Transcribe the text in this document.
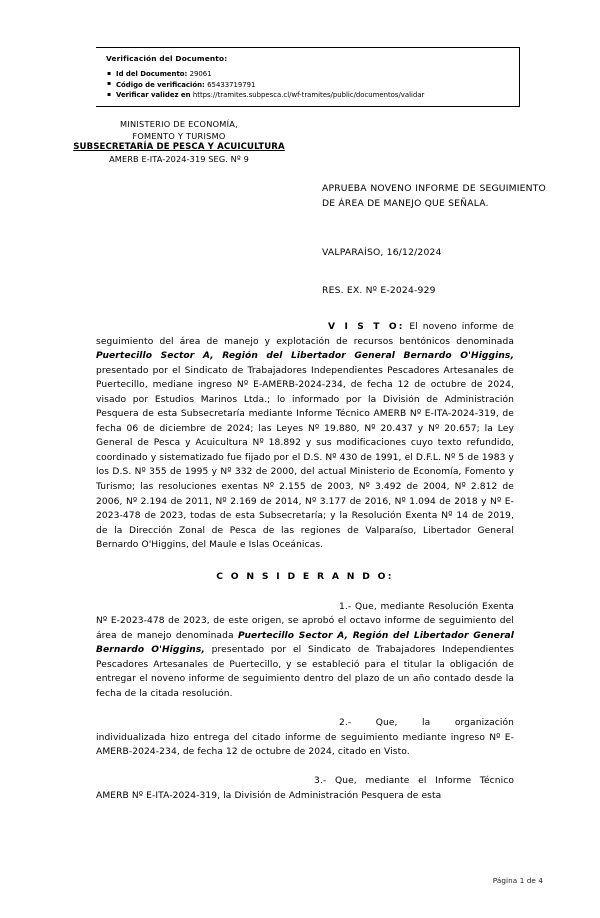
Verificación del Documento:
▪ Id del Documento: 29061
▪ Código de verificación: 65433719791
▪ Verificar validez en https://tramites.subpesca.cl/wf-tramites/public/documentos/validar
MINISTERIO DE ECONOMÍA,
FOMENTO Y TURISMO
SUBSECRETARÍA DE PESCA Y ACUICULTURA
AMERB E-ITA-2024-319 SEG. Nº 9
APRUEBA NOVENO INFORME DE SEGUIMIENTO DE ÁREA DE MANEJO QUE SEÑALA.
VALPARAÍSO, 16/12/2024
RES. EX. Nº E-2024-929

V I S T O: El noveno informe de seguimiento del área de manejo y explotación de recursos bentónicos denominada Puertecillo Sector A, Región del Libertador General Bernardo O'Higgins, presentado por el Sindicato de Trabajadores Independientes Pescadores Artesanales de Puertecillo, mediane ingreso Nº E-AMERB-2024-234, de fecha 12 de octubre de 2024, visado por Estudios Marinos Ltda.; lo informado por la División de Administración Pesquera de esta Subsecretaría mediante Informe Técnico AMERB Nº E-ITA-2024-319, de fecha 06 de diciembre de 2024; las Leyes Nº 19.880, Nº 20.437 y Nº 20.657; la Ley General de Pesca y Acuicultura Nº 18.892 y sus modificaciones cuyo texto refundido, coordinado y sistematizado fue fijado por el D.S. Nº 430 de 1991, el D.F.L. Nº 5 de 1983 y los D.S. Nº 355 de 1995 y Nº 332 de 2000, del actual Ministerio de Economía, Fomento y Turismo; las resoluciones exentas Nº 2.155 de 2003, Nº 3.492 de 2004, Nº 2.812 de 2006, Nº 2.194 de 2011, Nº 2.169 de 2014, Nº 3.177 de 2016, Nº 1.094 de 2018 y Nº E-2023-478 de 2023, todas de esta Subsecretaría; y la Resolución Exenta Nº 14 de 2019, de la Dirección Zonal de Pesca de las regiones de Valparaíso, Libertador General Bernardo O'Higgins, del Maule e Islas Oceánicas.

C O N S I D E R A N D O:

1.- Que, mediante Resolución Exenta Nº E-2023-478 de 2023, de este origen, se aprobó el octavo informe de seguimiento del área de manejo denominada Puertecillo Sector A, Región del Libertador General Bernardo O'Higgins, presentado por el Sindicato de Trabajadores Independientes Pescadores Artesanales de Puertecillo, y se estableció para el titular la obligación de entregar el noveno informe de seguimiento dentro del plazo de un año contado desde la fecha de la citada resolución.

2.- Que, la organización individualizada hizo entrega del citado informe de seguimiento mediante ingreso Nº E-AMERB-2024-234, de fecha 12 de octubre de 2024, citado en Visto.

3.- Que, mediante el Informe Técnico AMERB Nº E-ITA-2024-319, la División de Administración Pesquera de esta

Página 1 de 4
